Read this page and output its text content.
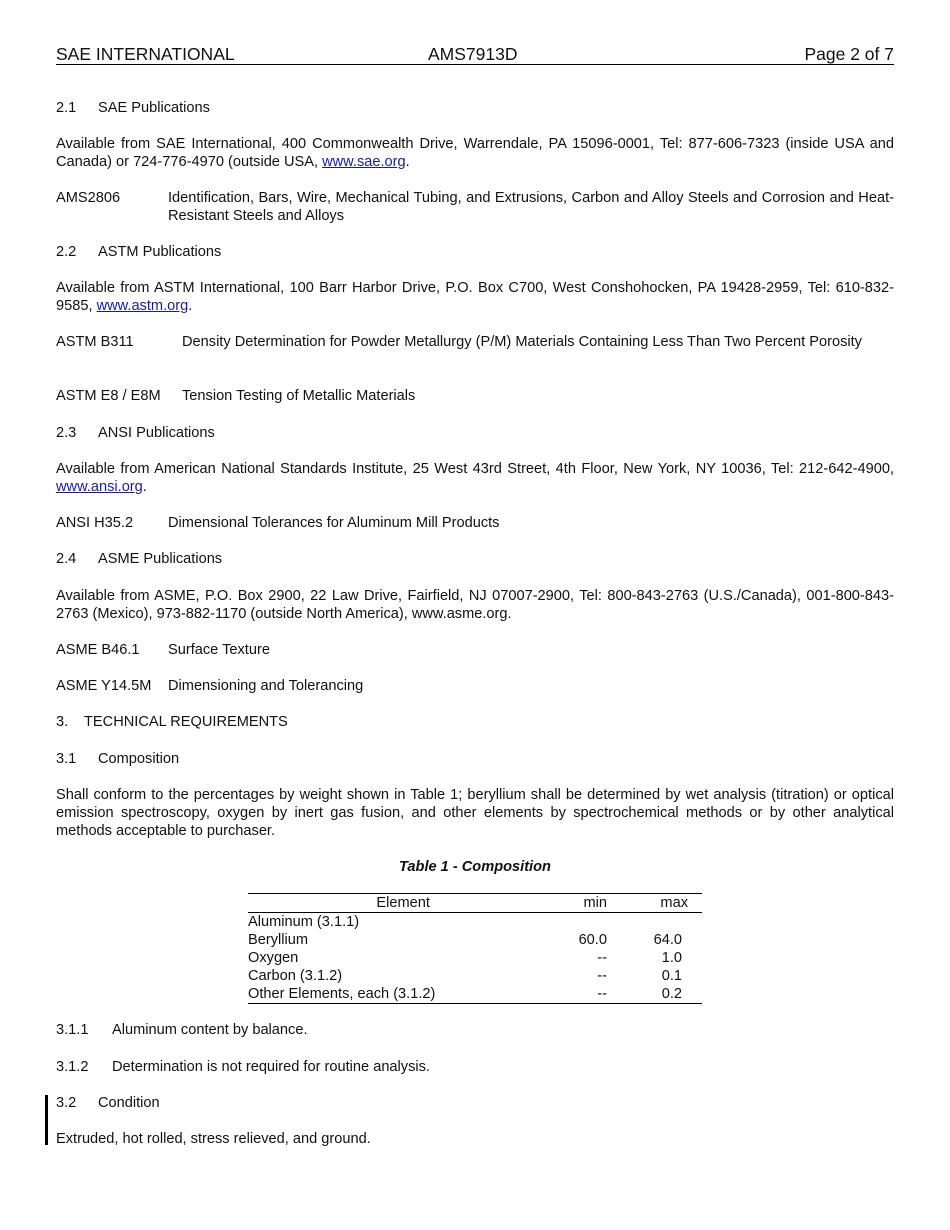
SAE INTERNATIONAL	AMS7913D	Page 2 of 7
2.1 SAE Publications
Available from SAE International, 400 Commonwealth Drive, Warrendale, PA 15096-0001, Tel: 877-606-7323 (inside USA and Canada) or 724-776-4970 (outside USA, www.sae.org.
AMS2806	Identification, Bars, Wire, Mechanical Tubing, and Extrusions, Carbon and Alloy Steels and Corrosion and Heat-Resistant Steels and Alloys
2.2 ASTM Publications
Available from ASTM International, 100 Barr Harbor Drive, P.O. Box C700, West Conshohocken, PA 19428-2959, Tel: 610-832-9585, www.astm.org.
ASTM B311	Density Determination for Powder Metallurgy (P/M) Materials Containing Less Than Two Percent Porosity
ASTM E8 / E8M Tension Testing of Metallic Materials
2.3 ANSI Publications
Available from American National Standards Institute, 25 West 43rd Street, 4th Floor, New York, NY 10036, Tel: 212-642-4900, www.ansi.org.
ANSI H35.2 Dimensional Tolerances for Aluminum Mill Products
2.4 ASME Publications
Available from ASME, P.O. Box 2900, 22 Law Drive, Fairfield, NJ 07007-2900, Tel: 800-843-2763 (U.S./Canada), 001-800-843-2763 (Mexico), 973-882-1170 (outside North America), www.asme.org.
ASME B46.1 Surface Texture
ASME Y14.5M Dimensioning and Tolerancing
3. TECHNICAL REQUIREMENTS
3.1 Composition
Shall conform to the percentages by weight shown in Table 1; beryllium shall be determined by wet analysis (titration) or optical emission spectroscopy, oxygen by inert gas fusion, and other elements by spectrochemical methods or by other analytical methods acceptable to purchaser.
Table 1 - Composition
Element	min	max
Aluminum (3.1.1)		
Beryllium	60.0	64.0
Oxygen	--	1.0
Carbon (3.1.2)	--	0.1
Other Elements, each (3.1.2)	--	0.2
3.1.1 Aluminum content by balance.
3.1.2 Determination is not required for routine analysis.
3.2 Condition
Extruded, hot rolled, stress relieved, and ground.
